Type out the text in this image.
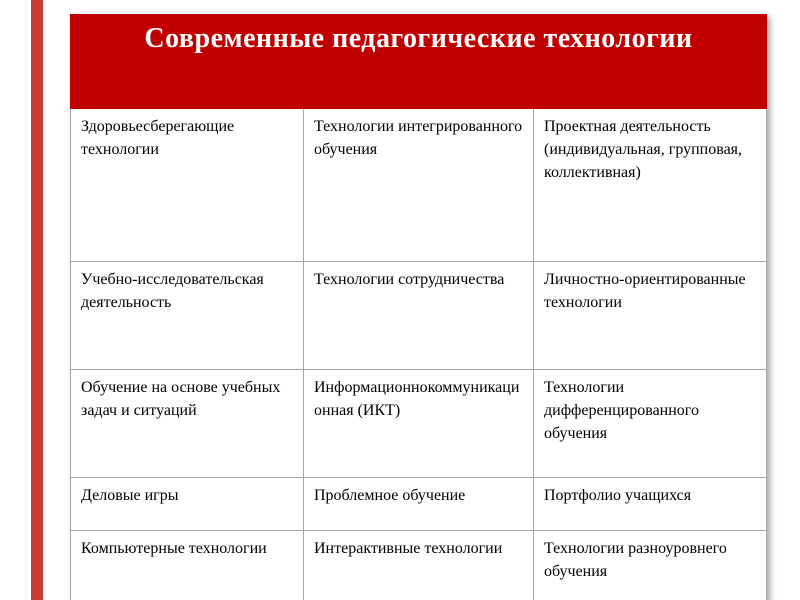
Современные педагогические технологии		
Здоровьесберегающие технологии	Технологии интегрированного обучения	Проектная деятельность (индивидуальная, групповая, коллективная)
Учебно-исследовательская деятельность	Технологии сотрудничества	Личностно-ориентированные технологии
Обучение на основе учебных задач и ситуаций	Информационнокоммуникационная (ИКТ)	Технологии дифференцированного обучения
Деловые игры	Проблемное обучение	Портфолио учащихся
Компьютерные технологии	Интерактивные технологии	Технологии разноуровнего обучения
